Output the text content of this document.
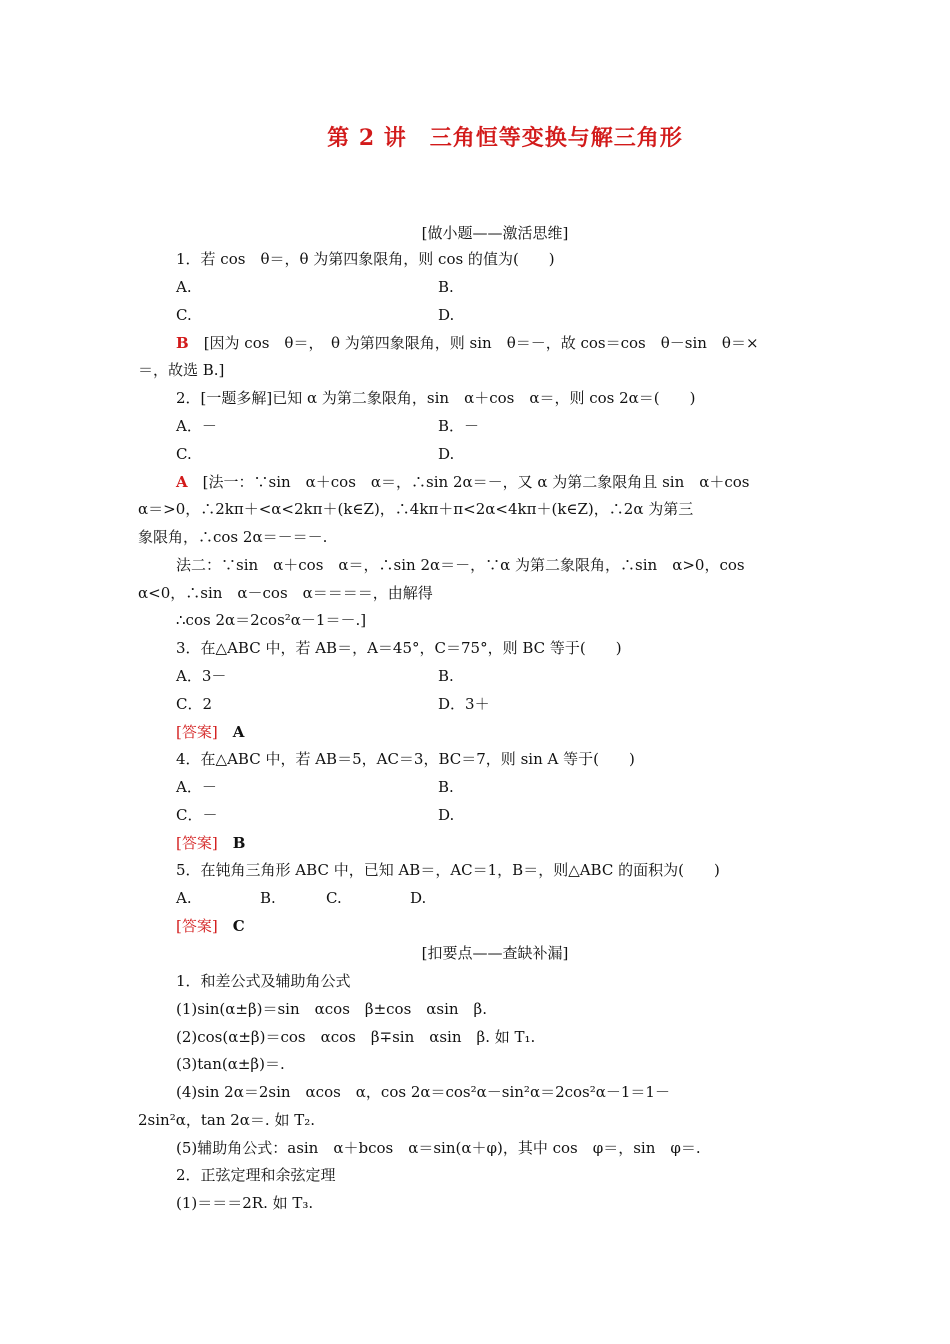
第 2 讲　三角恒等变换与解三角形
[做小题——激活思维]
1．若 cos　θ＝，θ 为第四象限角，则 cos 的值为(　　)
A.	B.
C.	D.
B　[因为 cos　θ＝，　θ 为第四象限角，则 sin　θ＝－，故 cos＝cos　θ－sin　θ＝×
＝，故选 B.]
2．[一题多解]已知 α 为第二象限角，sin　α＋cos　α＝，则 cos 2α＝(　　)
A．－	B．－
C.	D.
A　[法一：∵sin　α＋cos　α＝，∴sin 2α＝－，又 α 为第二象限角且 sin　α＋cos
α＝>0，∴2kπ＋<α<2kπ＋(k∈Z)，∴4kπ＋π<2α<4kπ＋(k∈Z)，∴2α 为第三
象限角，∴cos 2α＝－＝－.
法二：∵sin　α＋cos　α＝，∴sin 2α＝－，∵α 为第二象限角，∴sin　α>0，cos
α<0，∴sin　α－cos　α＝＝＝＝，由解得
∴cos 2α＝2cos²α－1＝－.]
3．在△ABC 中，若 AB＝，A＝45°，C＝75°，则 BC 等于(　　)
A．3－	B.
C．2	D．3＋
[答案]　 A
4．在△ABC 中，若 AB＝5，AC＝3，BC＝7，则 sin A 等于(　　)
A．－	B.
C．－	D.
[答案]　 B
5．在钝角三角形 ABC 中，已知 AB＝，AC＝1，B＝，则△ABC 的面积为(　　)
A.	B.	C.	D.
[答案]　 C
[扣要点——查缺补漏]
1．和差公式及辅助角公式
(1)sin(α±β)＝sin　αcos　β±cos　αsin　β.
(2)cos(α±β)＝cos　αcos　β∓sin　αsin　β. 如 T₁.
(3)tan(α±β)＝.
(4)sin 2α＝2sin　αcos　α，cos 2α＝cos²α－sin²α＝2cos²α－1＝1－
2sin²α，tan 2α＝. 如 T₂.
(5)辅助角公式：asin　α＋bcos　α＝sin(α＋φ)，其中 cos　φ＝，sin　φ＝.
2．正弦定理和余弦定理
(1)＝＝＝2R. 如 T₃.
